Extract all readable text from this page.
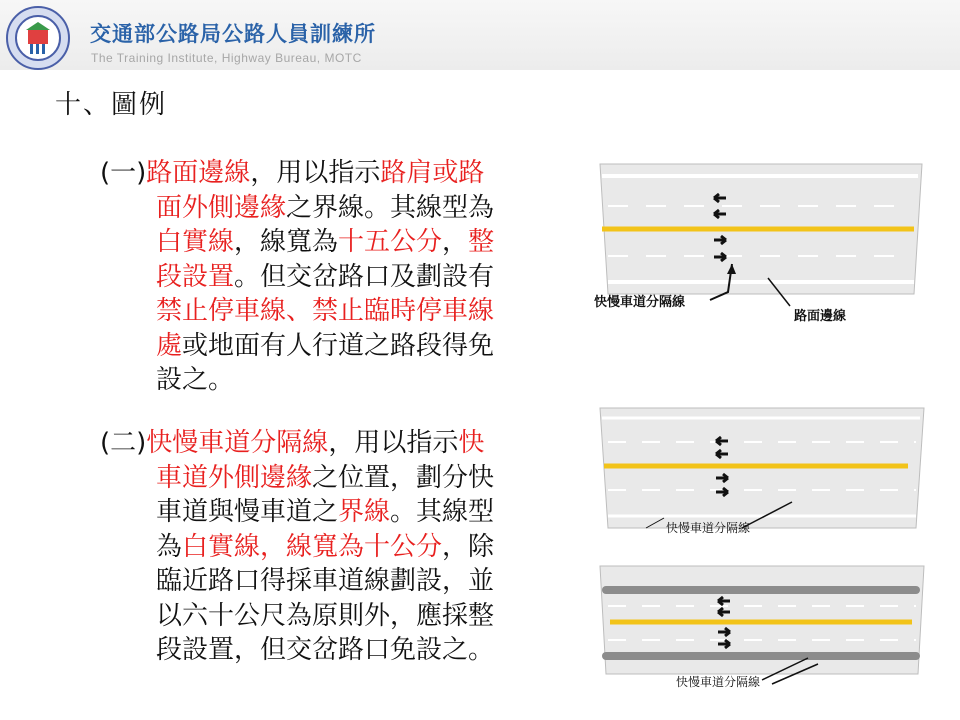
交通部公路局公路人員訓練所
The Training Institute, Highway Bureau, MOTC
十、圖例
(一)路面邊線，用以指示路肩或路
面外側邊緣之界線。其線型為
白實線，線寬為十五公分，整
段設置。但交岔路口及劃設有
禁止停車線、禁止臨時停車線
處或地面有人行道之路段得免
設之。
(二)快慢車道分隔線，用以指示快
車道外側邊緣之位置，劃分快
車道與慢車道之界線。其線型
為白實線，線寬為十公分，除
臨近路口得採車道線劃設，並
以六十公尺為原則外，應採整
段設置，但交岔路口免設之。
快慢車道分隔線
路面邊線
快慢車道分隔線
快慢車道分隔線
